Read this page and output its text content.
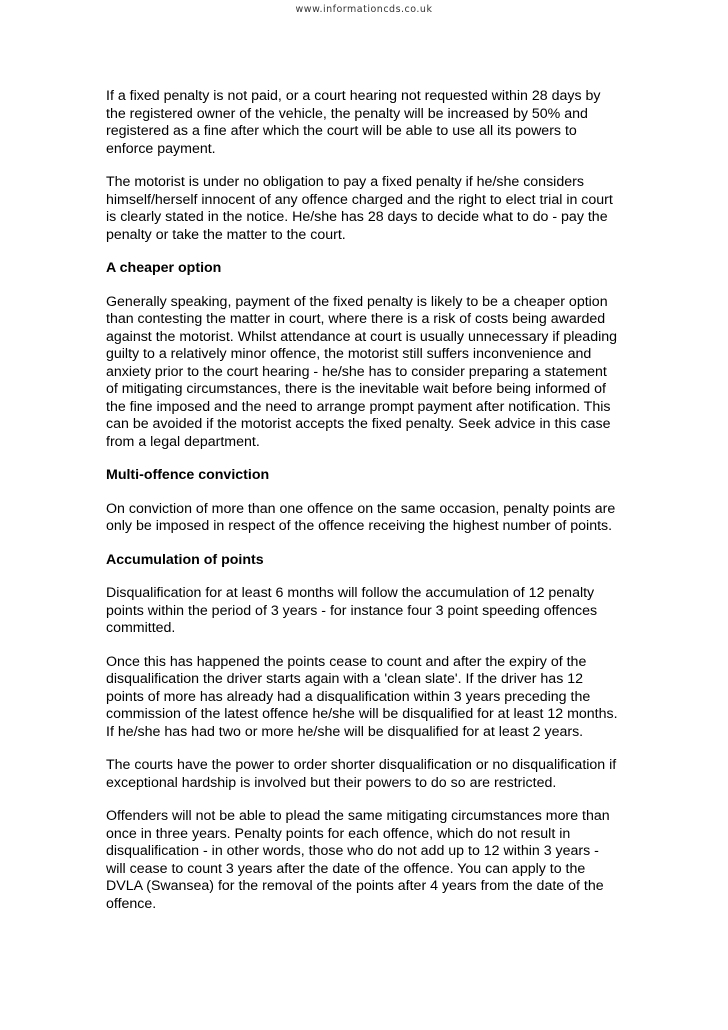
www.informationcds.co.uk

If a fixed penalty is not paid, or a court hearing not requested within 28 days by
the registered owner of the vehicle, the penalty will be increased by 50% and
registered as a fine after which the court will be able to use all its powers to
enforce payment.

The motorist is under no obligation to pay a fixed penalty if he/she considers
himself/herself innocent of any offence charged and the right to elect trial in court
is clearly stated in the notice. He/she has 28 days to decide what to do - pay the
penalty or take the matter to the court.

A cheaper option

Generally speaking, payment of the fixed penalty is likely to be a cheaper option
than contesting the matter in court, where there is a risk of costs being awarded
against the motorist. Whilst attendance at court is usually unnecessary if pleading
guilty to a relatively minor offence, the motorist still suffers inconvenience and
anxiety prior to the court hearing - he/she has to consider preparing a statement
of mitigating circumstances, there is the inevitable wait before being informed of
the fine imposed and the need to arrange prompt payment after notification. This
can be avoided if the motorist accepts the fixed penalty. Seek advice in this case
from a legal department.

Multi-offence conviction

On conviction of more than one offence on the same occasion, penalty points are
only be imposed in respect of the offence receiving the highest number of points.

Accumulation of points

Disqualification for at least 6 months will follow the accumulation of 12 penalty
points within the period of 3 years - for instance four 3 point speeding offences
committed.

Once this has happened the points cease to count and after the expiry of the
disqualification the driver starts again with a 'clean slate'. If the driver has 12
points of more has already had a disqualification within 3 years preceding the
commission of the latest offence he/she will be disqualified for at least 12 months.
If he/she has had two or more he/she will be disqualified for at least 2 years.

The courts have the power to order shorter disqualification or no disqualification if
exceptional hardship is involved but their powers to do so are restricted.

Offenders will not be able to plead the same mitigating circumstances more than
once in three years. Penalty points for each offence, which do not result in
disqualification - in other words, those who do not add up to 12 within 3 years -
will cease to count 3 years after the date of the offence. You can apply to the
DVLA (Swansea) for the removal of the points after 4 years from the date of the
offence.
